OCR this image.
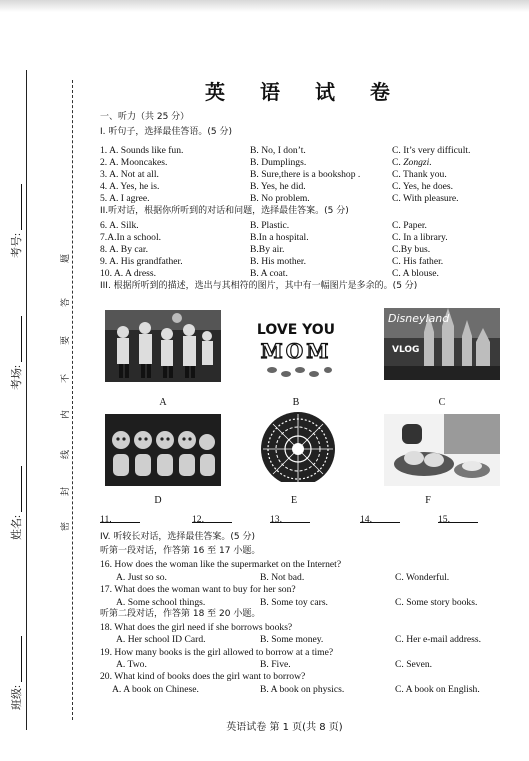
班级:
姓名:
考场:
考号:
密
封
线
内
不
要
答
题
英 语 试 卷
一、听力（共 25 分）
I. 听句子，选择最佳答语。(5 分)
1. A. Sounds like fun.	B. No, I don’t.	C. It’s very difficult.
2. A. Mooncakes.	B. Dumplings.	C. Zongzi.
3. A. Not at all.	B. Sure,there is a bookshop .	C. Thank you.
4. A. Yes, he is.	B. Yes, he did.	C. Yes, he does.
5. A. I agree.	B. No problem.	C. With pleasure.
II.听对话，根据你所听到的对话和问题，选择最佳答案。(5 分)
6. A. Silk.	B. Plastic.	C. Paper.
7.A.In a school.	B.In a hospital.	C. In a library.
8. A. By car.	B.By air.	C.By bus.
9. A. His grandfather.	B. His mother.	C. His father.
10. A. A dress.	B. A coat.	C. A blouse.
III. 根据所听到的描述，选出与其相符的图片，其中有一幅图片是多余的。(5 分)
A
LOVE YOU
MOM
B
Disneyland
VLOG
C
D	E	F
11.	12.	13.	14.	15.
IV. 听较长对话，选择最佳答案。(5 分)
听第一段对话，作答第 16 至 17 小题。
16. How does the woman like the supermarket on the Internet?
A. Just so so.	B. Not bad.	C. Wonderful.
17. What does the woman want to buy for her son?
A. Some school things.	B. Some toy cars.	C. Some story books.
听第二段对话，作答第 18 至 20 小题。
18. What does the girl need if she borrows books?
A. Her school ID Card.	B. Some money.	C. Her e-mail address.
19. How many books is the girl allowed to borrow at a time?
A. Two.	B. Five.	C. Seven.
20. What kind of books does the girl want to borrow?
A. A book on Chinese.	B. A book on physics.	C. A book on English.
英语试卷 第 1 页(共 8 页)
